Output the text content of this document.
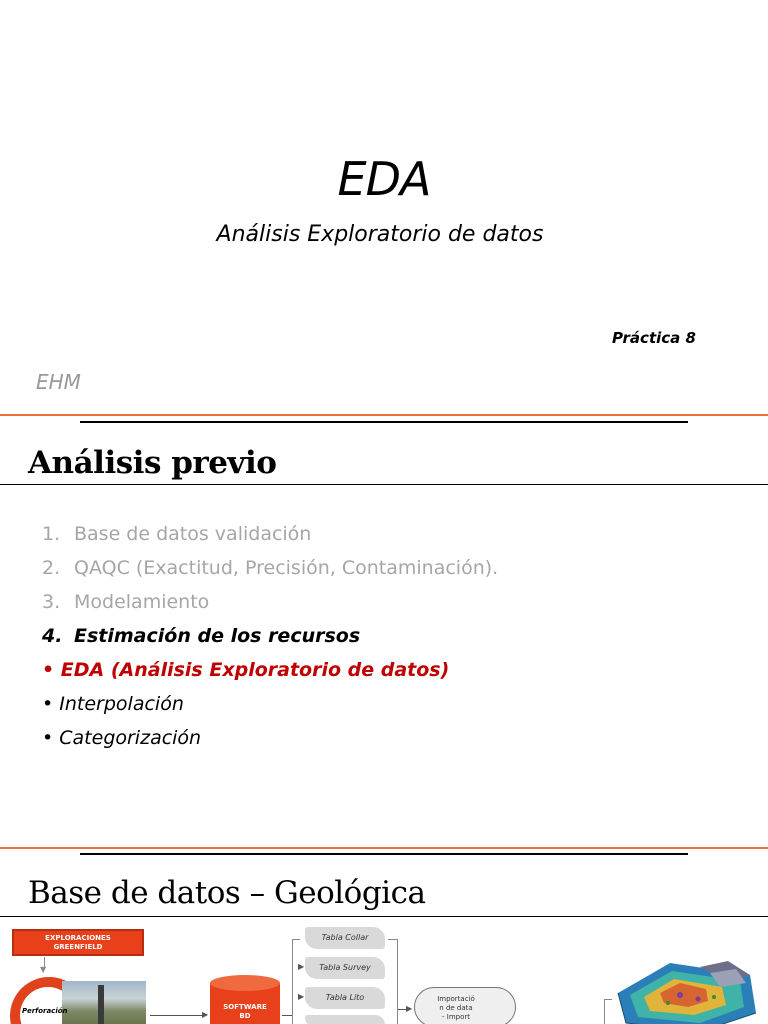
EDA
Análisis Exploratorio de datos
Práctica 8
EHM
Análisis previo
1. Base de datos validación
2. QAQC (Exactitud, Precisión, Contaminación).
3. Modelamiento
4. Estimación de los recursos
• EDA (Análisis Exploratorio de datos)
• Interpolación
• Categorización
Base de datos – Geológica
EXPLORACIONES
GREENFIELD
▼
Perforación	▶
SOFTWARE
BD
▶
▶
Tabla Collar
Tabla Survey
Tabla Lito
▶
Importació
n de data
- Import
